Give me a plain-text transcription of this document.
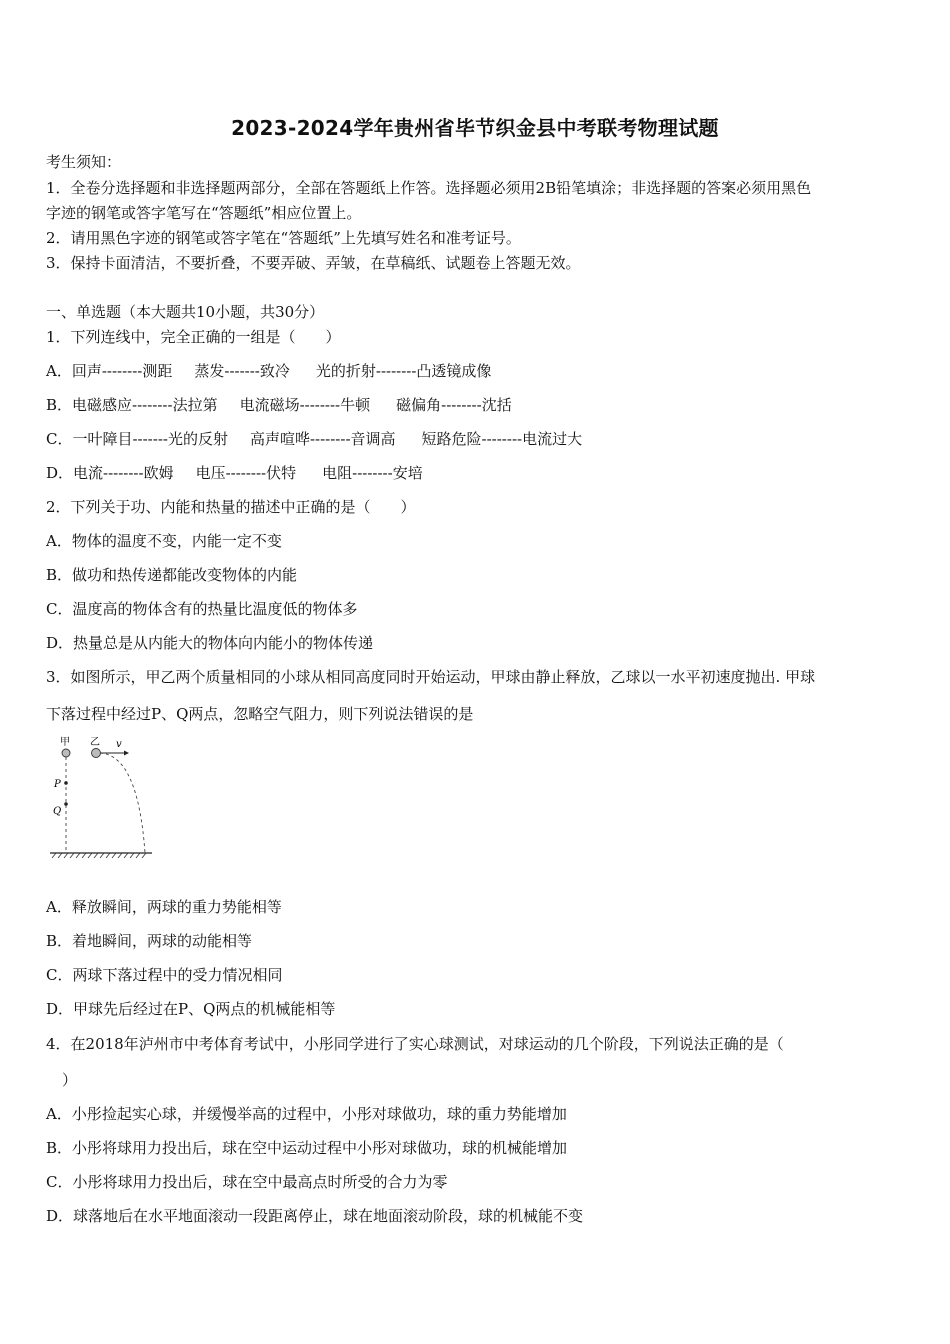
2023-2024学年贵州省毕节织金县中考联考物理试题
考生须知：
1．全卷分选择题和非选择题两部分，全部在答题纸上作答。选择题必须用2B铅笔填涂；非选择题的答案必须用黑色
字迹的钢笔或答字笔写在“答题纸”相应位置上。
2．请用黑色字迹的钢笔或答字笔在“答题纸”上先填写姓名和准考证号。
3．保持卡面清洁，不要折叠，不要弄破、弄皱，在草稿纸、试题卷上答题无效。
一、单选题（本大题共10小题，共30分）
1．下列连线中，完全正确的一组是（　　）
A．回声--------测距 蒸发-------致冷 光的折射--------凸透镜成像
B．电磁感应--------法拉第 电流磁场--------牛顿 磁偏角--------沈括
C．一叶障目-------光的反射 高声喧哗--------音调高 短路危险--------电流过大
D．电流--------欧姆 电压--------伏特 电阻--------安培
2．下列关于功、内能和热量的描述中正确的是（　　）
A．物体的温度不变，内能一定不变
B．做功和热传递都能改变物体的内能
C．温度高的物体含有的热量比温度低的物体多
D．热量总是从内能大的物体向内能小的物体传递
3．如图所示，甲乙两个质量相同的小球从相同高度同时开始运动，甲球由静止释放，乙球以一水平初速度抛出. 甲球
下落过程中经过P、Q两点，忽略空气阻力，则下列说法错误的是
甲 乙 v
P
Q
A．释放瞬间，两球的重力势能相等
B．着地瞬间，两球的动能相等
C．两球下落过程中的受力情况相同
D．甲球先后经过在P、Q两点的机械能相等
4．在2018年泸州市中考体育考试中，小彤同学进行了实心球测试，对球运动的几个阶段，下列说法正确的是（
）
A．小彤捡起实心球，并缓慢举高的过程中，小彤对球做功，球的重力势能增加
B．小彤将球用力投出后，球在空中运动过程中小彤对球做功，球的机械能增加
C．小彤将球用力投出后，球在空中最高点时所受的合力为零
D．球落地后在水平地面滚动一段距离停止，球在地面滚动阶段，球的机械能不变
